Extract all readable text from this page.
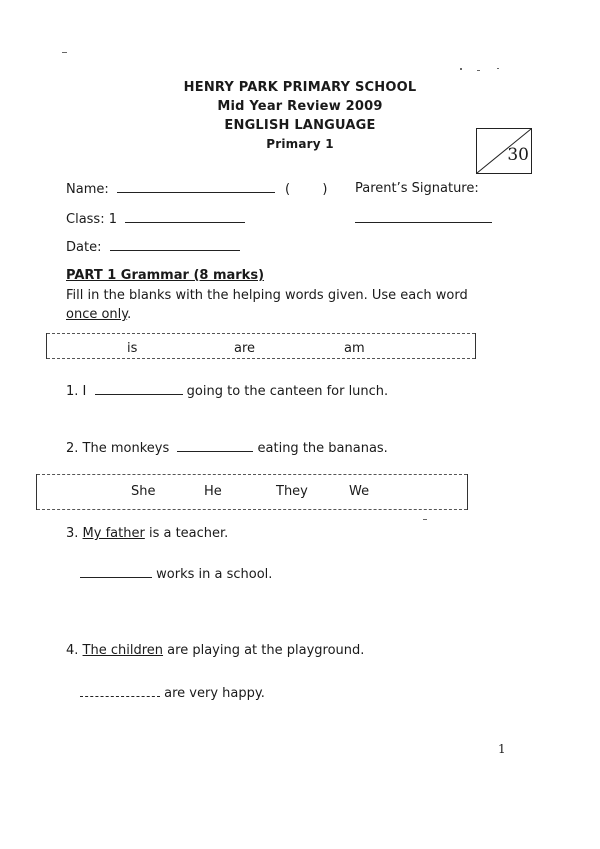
HENRY PARK PRIMARY SCHOOL
Mid Year Review 2009
ENGLISH LANGUAGE
Primary 1
30
Name:	( ) Parent’s Signature:
Class: 1
Date:
PART 1 Grammar (8 marks)
Fill in the blanks with the helping words given. Use each word
once only.
is	are	am
1. I	going to the canteen for lunch.
2. The monkeys	eating the bananas.
She	He	They	We
3. My father is a teacher.
works in a school.
4. The children are playing at the playground.
are very happy.
1
